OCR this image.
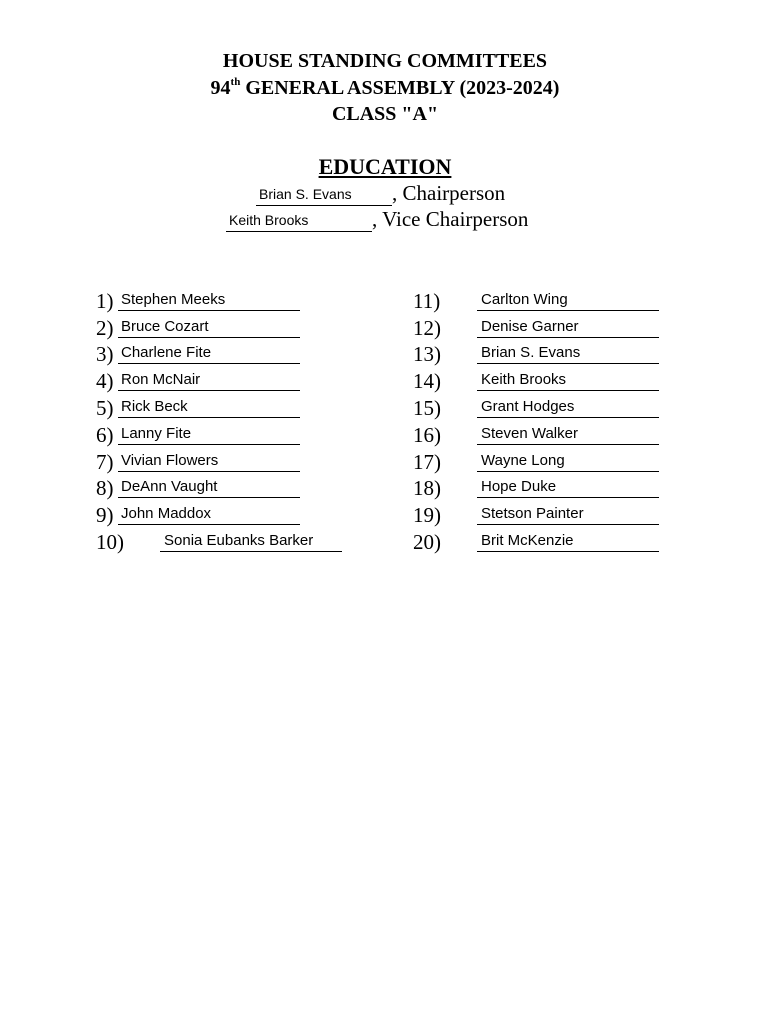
HOUSE STANDING COMMITTEES
94th GENERAL ASSEMBLY (2023-2024)
CLASS "A"
EDUCATION
Brian S. Evans , Chairperson
Keith Brooks	, Vice Chairperson
1) Stephen Meeks
2) Bruce Cozart
3) Charlene Fite
4) Ron McNair
5) Rick Beck
6) Lanny Fite
7) Vivian Flowers
8) DeAnn Vaught
9) John Maddox
10)	Sonia Eubanks Barker
11)	Carlton Wing
12)	Denise Garner
13)	Brian S. Evans
14)	Keith Brooks
15)	Grant Hodges
16)	Steven Walker
17)	Wayne Long
18)	Hope Duke
19)	Stetson Painter
20)	Brit McKenzie
